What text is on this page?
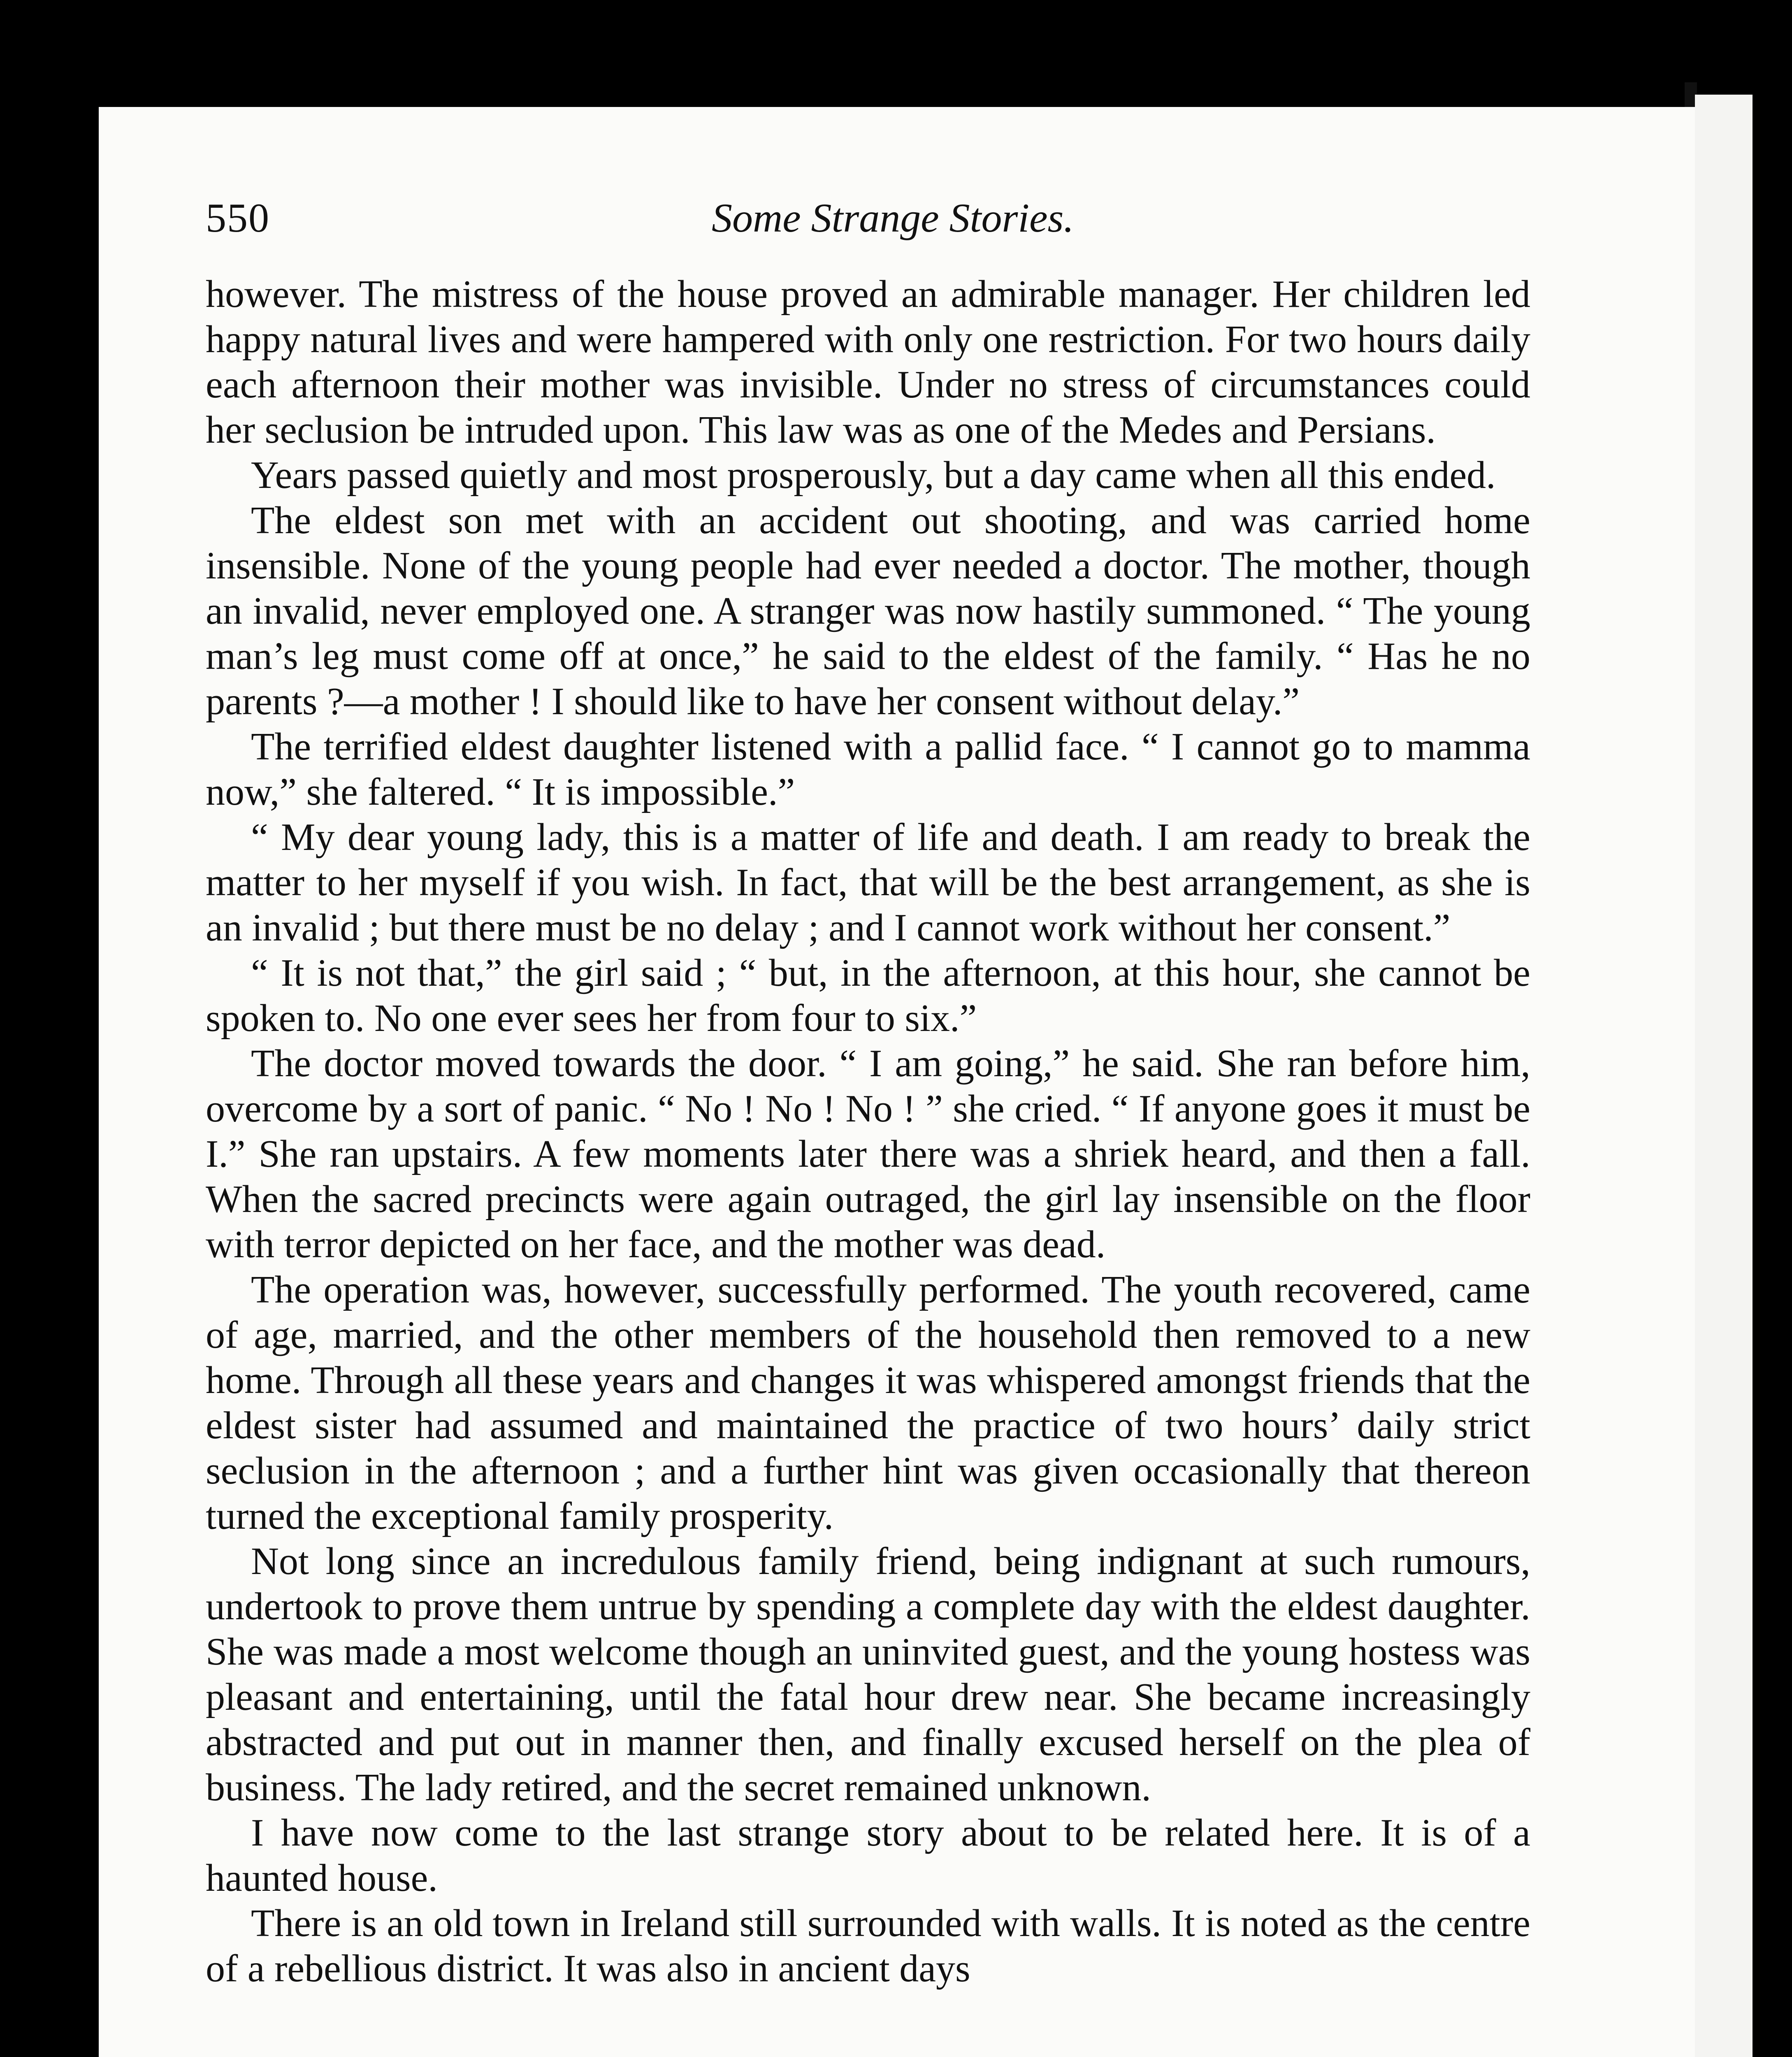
550	Some Strange Stories.

however. The mistress of the house proved an admirable manager. Her children led happy natural lives and were hampered with only one restriction. For two hours daily each afternoon their mother was invisible. Under no stress of circumstances could her seclusion be intruded upon. This law was as one of the Medes and Persians.

Years passed quietly and most prosperously, but a day came when all this ended.

The eldest son met with an accident out shooting, and was carried home insensible. None of the young people had ever needed a doctor. The mother, though an invalid, never employed one. A stranger was now hastily summoned. “ The young man’s leg must come off at once,” he said to the eldest of the family. “ Has he no parents ?—a mother ! I should like to have her consent without delay.”

The terrified eldest daughter listened with a pallid face. “ I cannot go to mamma now,” she faltered. “ It is impossible.”

“ My dear young lady, this is a matter of life and death. I am ready to break the matter to her myself if you wish. In fact, that will be the best arrangement, as she is an invalid ; but there must be no delay ; and I cannot work without her consent.”

“ It is not that,” the girl said ; “ but, in the afternoon, at this hour, she cannot be spoken to. No one ever sees her from four to six.”

The doctor moved towards the door. “ I am going,” he said. She ran before him, overcome by a sort of panic. “ No ! No ! No ! ” she cried. “ If anyone goes it must be I.” She ran upstairs. A few moments later there was a shriek heard, and then a fall. When the sacred precincts were again outraged, the girl lay insensible on the floor with terror depicted on her face, and the mother was dead.

The operation was, however, successfully performed. The youth recovered, came of age, married, and the other members of the household then removed to a new home. Through all these years and changes it was whispered amongst friends that the eldest sister had assumed and maintained the practice of two hours’ daily strict seclusion in the afternoon ; and a further hint was given occasionally that thereon turned the exceptional family prosperity.

Not long since an incredulous family friend, being indignant at such rumours, undertook to prove them untrue by spending a complete day with the eldest daughter. She was made a most welcome though an uninvited guest, and the young hostess was pleasant and entertaining, until the fatal hour drew near. She became increasingly abstracted and put out in manner then, and finally excused herself on the plea of business. The lady retired, and the secret remained unknown.

I have now come to the last strange story about to be related here. It is of a haunted house.

There is an old town in Ireland still surrounded with walls. It is noted as the centre of a rebellious district. It was also in ancient days
